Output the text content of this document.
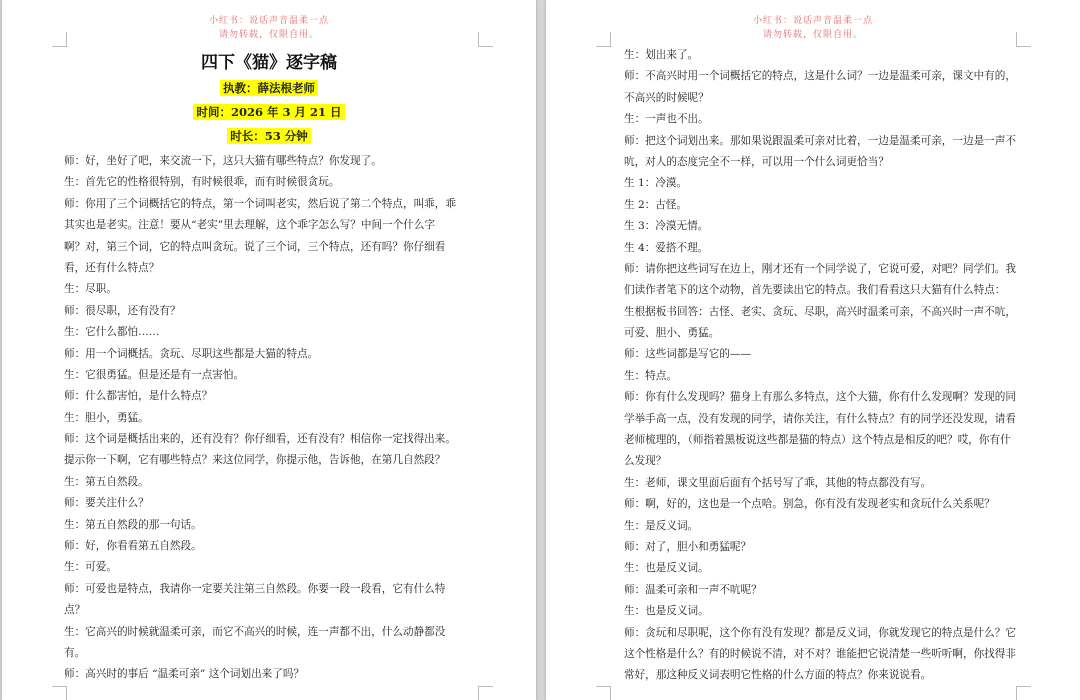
小红书：说话声音温柔一点
请勿转载，仅限自用。
四下《猫》逐字稿
执教：薛法根老师
时间：2026 年 3 月 21 日
时长：53 分钟
师：好，坐好了吧，来交流一下，这只大猫有哪些特点？你发现了。
生：首先它的性格很特别，有时候很乖，而有时候很贪玩。
师：你用了三个词概括它的特点，第一个词叫老实，然后说了第二个特点，叫乖，乖
其实也是老实。注意！要从“老实”里去理解，这个乖字怎么写？中间一个什么字
啊？对，第三个词，它的特点叫贪玩。说了三个词，三个特点，还有吗？你仔细看
看，还有什么特点？
生：尽职。
师：很尽职，还有没有？
生：它什么都怕……
师：用一个词概括。贪玩、尽职这些都是大猫的特点。
生：它很勇猛。但是还是有一点害怕。
师：什么都害怕，是什么特点？
生：胆小，勇猛。
师：这个词是概括出来的，还有没有？你仔细看，还有没有？相信你一定找得出来。
提示你一下啊，它有哪些特点？来这位同学，你提示他，告诉他，在第几自然段？
生：第五自然段。
师：要关注什么？
生：第五自然段的那一句话。
师：好，你看看第五自然段。
生：可爱。
师：可爱也是特点，我请你一定要关注第三自然段。你要一段一段看，它有什么特
点？
生：它高兴的时候就温柔可亲，而它不高兴的时候，连一声都不出，什么动静都没
有。
师：高兴时的事后 “温柔可亲” 这个词划出来了吗？
小红书：说话声音温柔一点
请勿转载，仅限自用。
生：划出来了。
师：不高兴时用一个词概括它的特点，这是什么词？一边是温柔可亲，课文中有的，
不高兴的时候呢？
生：一声也不出。
师：把这个词划出来。那如果说跟温柔可亲对比着，一边是温柔可亲，一边是一声不
吭，对人的态度完全不一样，可以用一个什么词更恰当？
生 1：冷漠。
生 2：古怪。
生 3：冷漠无情。
生 4：爱搭不理。
师：请你把这些词写在边上，刚才还有一个同学说了，它说可爱，对吧？同学们。我
们读作者笔下的这个动物，首先要读出它的特点。我们看看这只大猫有什么特点：
生根据板书回答：古怪、老实、贪玩、尽职，高兴时温柔可亲，不高兴时一声不吭，
可爱、胆小、勇猛。
师：这些词都是写它的——
生：特点。
师：你有什么发现吗？猫身上有那么多特点，这个大猫，你有什么发现啊？发现的同
学举手高一点，没有发现的同学，请你关注，有什么特点？有的同学还没发现，请看
老师梳理的，（师指着黑板说这些都是猫的特点）这个特点是相反的吧？哎，你有什
么发现？
生：老师，课文里面后面有个括号写了乖，其他的特点都没有写。
师：啊，好的，这也是一个点哈。别急，你有没有发现老实和贪玩什么关系呢？
生：是反义词。
师：对了，胆小和勇猛呢？
生：也是反义词。
师：温柔可亲和一声不吭呢？
生：也是反义词。
师：贪玩和尽职呢，这个你有没有发现？都是反义词，你就发现它的特点是什么？它
这个性格是什么？有的时候说不清，对不对？谁能把它说清楚一些听听啊，你找得非
常好，那这种反义词表明它性格的什么方面的特点？你来说说看。
